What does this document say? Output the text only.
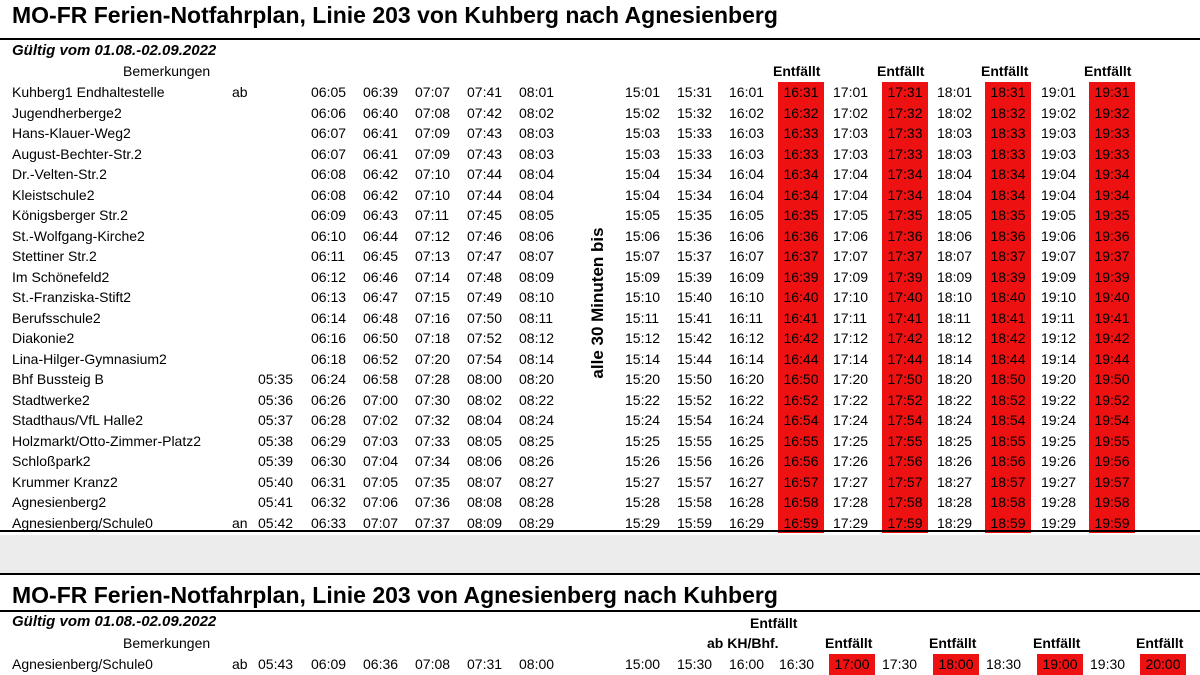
MO-FR Ferien-Notfahrplan, Linie 203 von Kuhberg nach Agnesienberg
Gültig vom 01.08.-02.09.2022
Bemerkungen	Entfällt	Entfällt	Entfällt	Entfällt
Kuhberg1 Endhaltestelle	ab	06:05 06:39 07:07 07:41 08:01	15:01 15:31 16:01	16:31	17:01	17:31	18:01	18:31	19:01	19:31
Jugendherberge2	06:06 06:40 07:08 07:42 08:02	15:02 15:32 16:02	16:32	17:02	17:32	18:02	18:32	19:02	19:32
Hans-Klauer-Weg2	06:07 06:41 07:09 07:43 08:03	15:03 15:33 16:03	16:33	17:03	17:33	18:03	18:33	19:03	19:33
August-Bechter-Str.2	06:07 06:41 07:09 07:43 08:03	15:03 15:33 16:03	16:33	17:03	17:33	18:03	18:33	19:03	19:33
Dr.-Velten-Str.2	06:08 06:42 07:10 07:44 08:04	15:04 15:34 16:04	16:34	17:04	17:34	18:04	18:34	19:04	19:34
Kleistschule2	06:08 06:42 07:10 07:44 08:04	15:04 15:34 16:04	16:34	17:04	17:34	18:04	18:34	19:04	19:34
Königsberger Str.2	06:09 06:43 07:11 07:45 08:05	15:05 15:35 16:05	16:35	17:05	17:35	18:05	18:35	19:05	19:35
St.-Wolfgang-Kirche2	06:10 06:44 07:12 07:46 08:06	15:06 15:36 16:06	16:36	17:06	17:36	18:06	18:36	19:06	19:36
Stettiner Str.2	06:11 06:45 07:13 07:47 08:07	15:07 15:37 16:07	16:37	17:07	17:37	18:07	18:37	19:07	19:37
Im Schönefeld2	06:12 06:46 07:14 07:48 08:09	15:09 15:39 16:09	16:39	17:09	17:39	18:09	18:39	19:09	19:39
St.-Franziska-Stift2	06:13 06:47 07:15 07:49 08:10	15:10 15:40 16:10	16:40	17:10	17:40	18:10	18:40	19:10	19:40
Berufsschule2	06:14 06:48 07:16 07:50 08:11	15:11 15:41 16:11	16:41	17:11	17:41	18:11	18:41	19:11	19:41
Diakonie2	06:16 06:50 07:18 07:52 08:12	15:12 15:42 16:12	16:42	17:12	17:42	18:12	18:42	19:12	19:42
Lina-Hilger-Gymnasium2	06:18 06:52 07:20 07:54 08:14	15:14 15:44 16:14	16:44	17:14	17:44	18:14	18:44	19:14	19:44
Bhf Bussteig B	05:35 06:24 06:58 07:28 08:00 08:20	15:20 15:50 16:20	16:50	17:20	17:50	18:20	18:50	19:20	19:50
Stadtwerke2	05:36 06:26 07:00 07:30 08:02 08:22	15:22 15:52 16:22	16:52	17:22	17:52	18:22	18:52	19:22	19:52
Stadthaus/VfL Halle2	05:37 06:28 07:02 07:32 08:04 08:24	15:24 15:54 16:24	16:54	17:24	17:54	18:24	18:54	19:24	19:54
Holzmarkt/Otto-Zimmer-Platz2	05:38 06:29 07:03 07:33 08:05 08:25	15:25 15:55 16:25	16:55	17:25	17:55	18:25	18:55	19:25	19:55
Schloßpark2	05:39 06:30 07:04 07:34 08:06 08:26	15:26 15:56 16:26	16:56	17:26	17:56	18:26	18:56	19:26	19:56
Krummer Kranz2	05:40 06:31 07:05 07:35 08:07 08:27	15:27 15:57 16:27	16:57	17:27	17:57	18:27	18:57	19:27	19:57
Agnesienberg2	05:41 06:32 07:06 07:36 08:08 08:28	15:28 15:58 16:28	16:58	17:28	17:58	18:28	18:58	19:28	19:58
Agnesienberg/Schule0	an 05:42 06:33 07:07 07:37 08:09 08:29	15:29 15:59 16:29	16:59	17:29	17:59	18:29	18:59	19:29	19:59
alle 30 Minuten bis
MO-FR Ferien-Notfahrplan, Linie 203 von Agnesienberg nach Kuhberg
Gültig vom 01.08.-02.09.2022	Entfällt
Bemerkungen	ab KH/Bhf.	Entfällt	Entfällt	Entfällt	Entfällt
Agnesienberg/Schule0	ab 05:43 06:09 06:36 07:08 07:31 08:00	15:00 15:30 16:00 16:30	17:00 17:30	18:00 18:30	19:00 19:30	20:00
